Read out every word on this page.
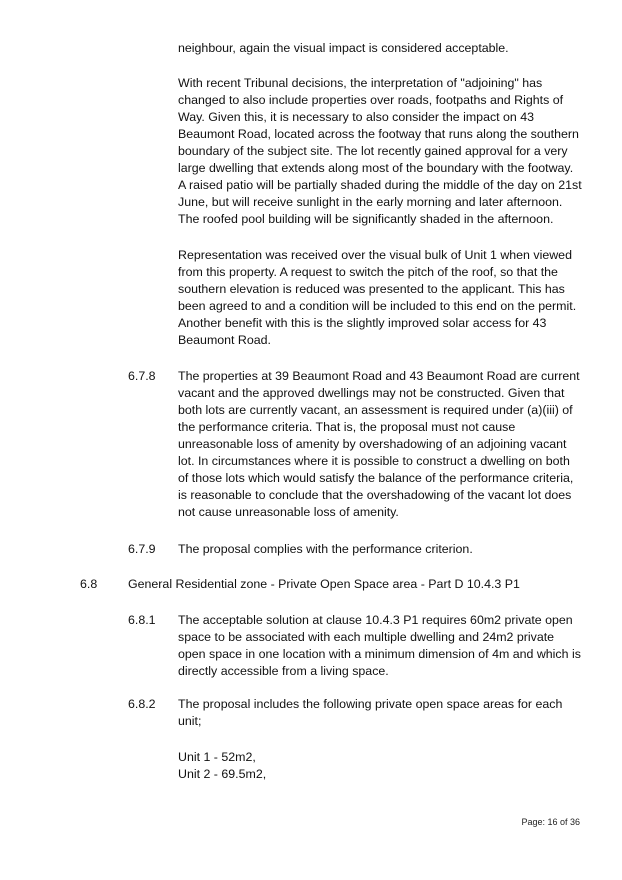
neighbour, again the visual impact is considered acceptable.

With recent Tribunal decisions, the interpretation of "adjoining" has changed to also include properties over roads, footpaths and Rights of Way. Given this, it is necessary to also consider the impact on 43 Beaumont Road, located across the footway that runs along the southern boundary of the subject site. The lot recently gained approval for a very large dwelling that extends along most of the boundary with the footway. A raised patio will be partially shaded during the middle of the day on 21st June, but will receive sunlight in the early morning and later afternoon. The roofed pool building will be significantly shaded in the afternoon.

Representation was received over the visual bulk of Unit 1 when viewed from this property. A request to switch the pitch of the roof, so that the southern elevation is reduced was presented to the applicant. This has been agreed to and a condition will be included to this end on the permit. Another benefit with this is the slightly improved solar access for 43 Beaumont Road.

6.7.8 The properties at 39 Beaumont Road and 43 Beaumont Road are current vacant and the approved dwellings may not be constructed. Given that both lots are currently vacant, an assessment is required under (a)(iii) of the performance criteria. That is, the proposal must not cause unreasonable loss of amenity by overshadowing of an adjoining vacant lot. In circumstances where it is possible to construct a dwelling on both of those lots which would satisfy the balance of the performance criteria, is reasonable to conclude that the overshadowing of the vacant lot does not cause unreasonable loss of amenity.

6.7.9 The proposal complies with the performance criterion.

6.8 General Residential zone - Private Open Space area - Part D 10.4.3 P1
6.8.1 The acceptable solution at clause 10.4.3 P1 requires 60m2 private open space to be associated with each multiple dwelling and 24m2 private open space in one location with a minimum dimension of 4m and which is directly accessible from a living space.

6.8.2 The proposal includes the following private open space areas for each unit;

Unit 1 - 52m2,

Unit 2 - 69.5m2,

Page: 16 of 36
